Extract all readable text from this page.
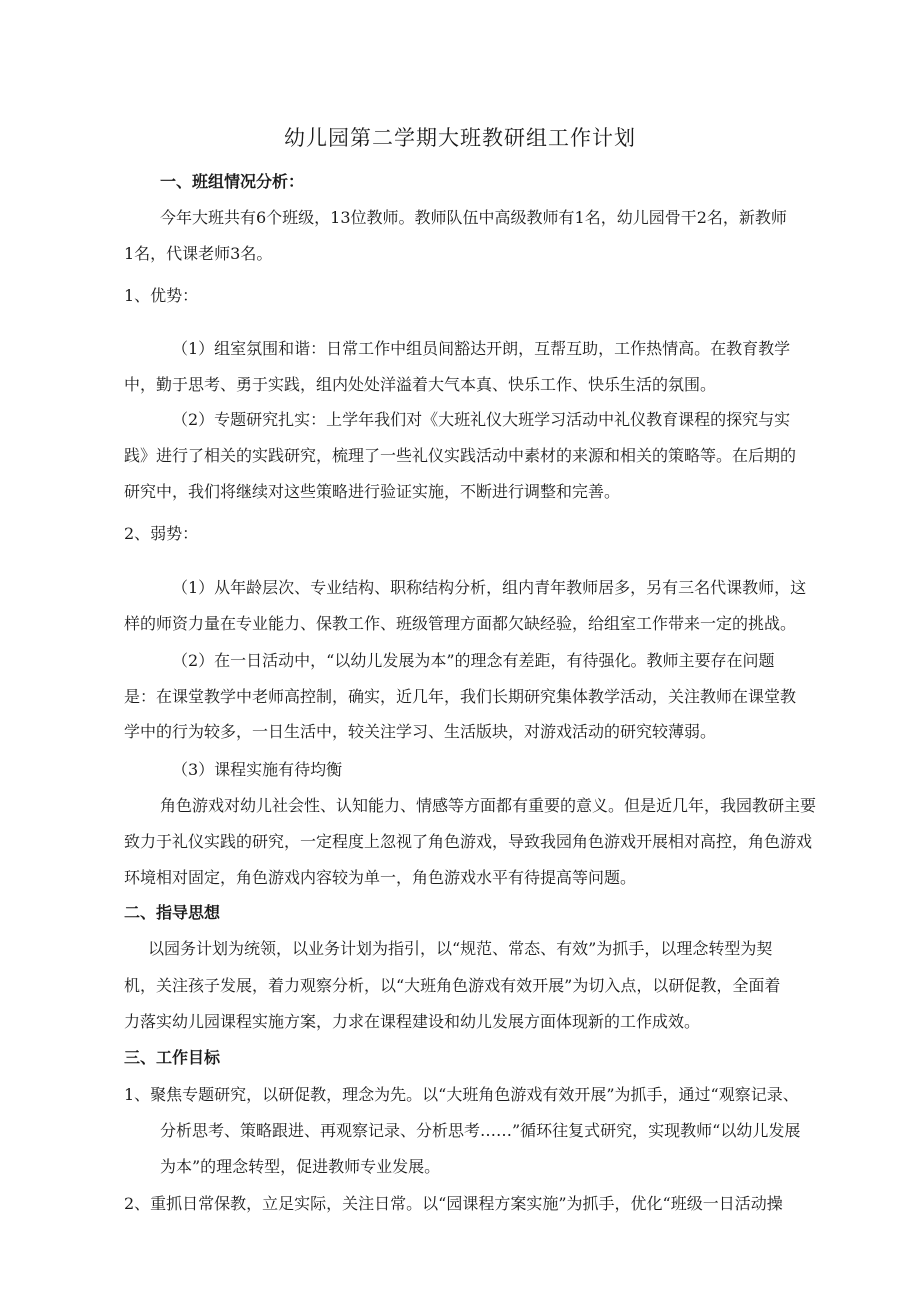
幼儿园第二学期大班教研组工作计划
一、班组情况分析：
今年大班共有6个班级，13位教师。教师队伍中高级教师有1名，幼儿园骨干2名，新教师
1名，代课老师3名。
1、优势：
（1）组室氛围和谐：日常工作中组员间豁达开朗，互帮互助，工作热情高。在教育教学
中，勤于思考、勇于实践，组内处处洋溢着大气本真、快乐工作、快乐生活的氛围。
（2）专题研究扎实：上学年我们对《大班礼仪大班学习活动中礼仪教育课程的探究与实
践》进行了相关的实践研究，梳理了一些礼仪实践活动中素材的来源和相关的策略等。在后期的
研究中，我们将继续对这些策略进行验证实施，不断进行调整和完善。
2、弱势：
（1）从年龄层次、专业结构、职称结构分析，组内青年教师居多，另有三名代课教师，这
样的师资力量在专业能力、保教工作、班级管理方面都欠缺经验，给组室工作带来一定的挑战。
（2）在一日活动中，“以幼儿发展为本”的理念有差距，有待强化。教师主要存在问题
是：在课堂教学中老师高控制，确实，近几年，我们长期研究集体教学活动，关注教师在课堂教
学中的行为较多，一日生活中，较关注学习、生活版块，对游戏活动的研究较薄弱。
（3）课程实施有待均衡
角色游戏对幼儿社会性、认知能力、情感等方面都有重要的意义。但是近几年，我园教研主要
致力于礼仪实践的研究，一定程度上忽视了角色游戏，导致我园角色游戏开展相对高控，角色游戏
环境相对固定，角色游戏内容较为单一，角色游戏水平有待提高等问题。
二、指导思想
以园务计划为统领，以业务计划为指引，以“规范、常态、有效”为抓手，以理念转型为契
机，关注孩子发展，着力观察分析，以“大班角色游戏有效开展”为切入点，以研促教，全面着
力落实幼儿园课程实施方案，力求在课程建设和幼儿发展方面体现新的工作成效。
三、工作目标
1、聚焦专题研究，以研促教，理念为先。以“大班角色游戏有效开展”为抓手，通过“观察记录、
分析思考、策略跟进、再观察记录、分析思考……”循环往复式研究，实现教师“以幼儿发展
为本”的理念转型，促进教师专业发展。
2、重抓日常保教，立足实际，关注日常。以“园课程方案实施”为抓手，优化“班级一日活动操
